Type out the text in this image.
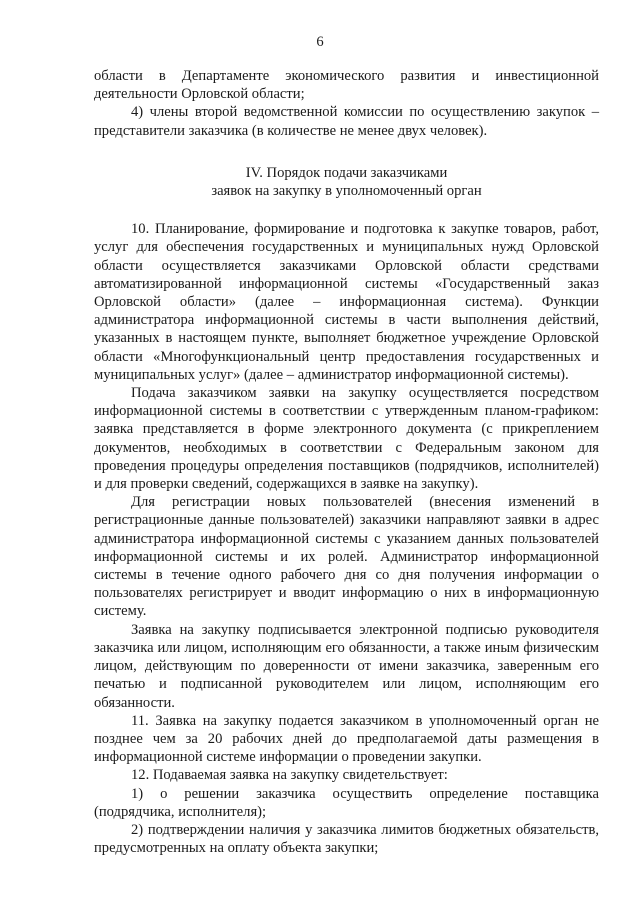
6

области в Департаменте экономического развития и инвестиционной деятельности Орловской области;

4) члены второй ведомственной комиссии по осуществлению закупок – представители заказчика (в количестве не менее двух человек).

IV. Порядок подачи заказчиками
заявок на закупку в уполномоченный орган

10. Планирование, формирование и подготовка к закупке товаров, работ, услуг для обеспечения государственных и муниципальных нужд Орловской области осуществляется заказчиками Орловской области средствами автоматизированной информационной системы «Государственный заказ Орловской области» (далее – информационная система). Функции администратора информационной системы в части выполнения действий, указанных в настоящем пункте, выполняет бюджетное учреждение Орловской области «Многофункциональный центр предоставления государственных и муниципальных услуг» (далее – администратор информационной системы).

Подача заказчиком заявки на закупку осуществляется посредством информационной системы в соответствии с утвержденным планом-графиком: заявка представляется в форме электронного документа (с прикреплением документов, необходимых в соответствии с Федеральным законом для проведения процедуры определения поставщиков (подрядчиков, исполнителей) и для проверки сведений, содержащихся в заявке на закупку).

Для регистрации новых пользователей (внесения изменений в регистрационные данные пользователей) заказчики направляют заявки в адрес администратора информационной системы с указанием данных пользователей информационной системы и их ролей. Администратор информационной системы в течение одного рабочего дня со дня получения информации о пользователях регистрирует и вводит информацию о них в информационную систему.

Заявка на закупку подписывается электронной подписью руководителя заказчика или лицом, исполняющим его обязанности, а также иным физическим лицом, действующим по доверенности от имени заказчика, заверенным его печатью и подписанной руководителем или лицом, исполняющим его обязанности.

11. Заявка на закупку подается заказчиком в уполномоченный орган не позднее чем за 20 рабочих дней до предполагаемой даты размещения в информационной системе информации о проведении закупки.

12. Подаваемая заявка на закупку свидетельствует:

1) о решении заказчика осуществить определение поставщика (подрядчика, исполнителя);

2) подтверждении наличия у заказчика лимитов бюджетных обязательств, предусмотренных на оплату объекта закупки;
